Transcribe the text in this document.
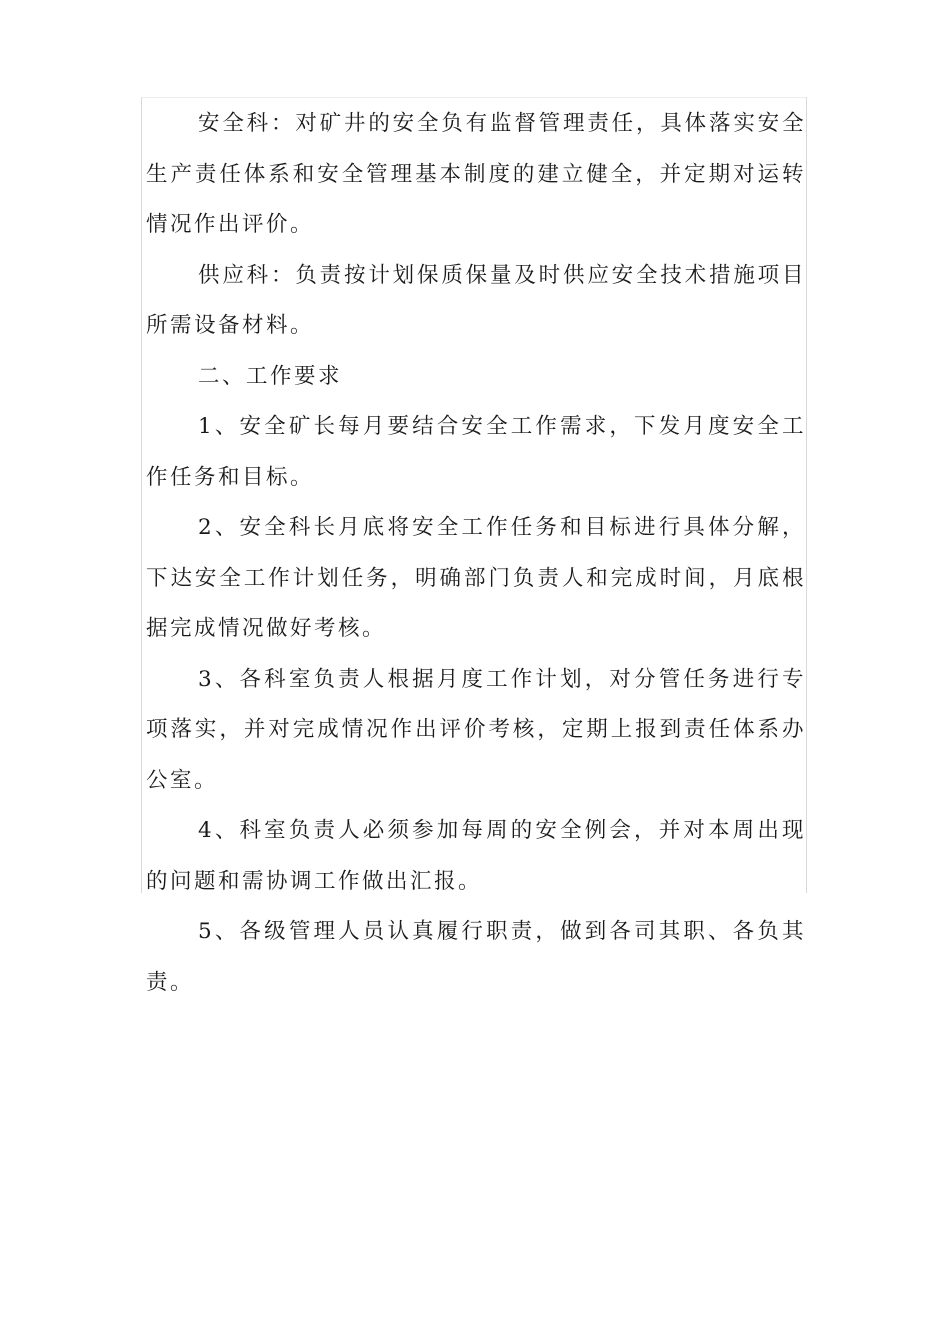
安全科：对矿井的安全负有监督管理责任，具体落实安全生产责任体系和安全管理基本制度的建立健全，并定期对运转情况作出评价。

供应科：负责按计划保质保量及时供应安全技术措施项目所需设备材料。

二、工作要求

1、安全矿长每月要结合安全工作需求，下发月度安全工作任务和目标。

2、安全科长月底将安全工作任务和目标进行具体分解，下达安全工作计划任务，明确部门负责人和完成时间，月底根据完成情况做好考核。

3、各科室负责人根据月度工作计划，对分管任务进行专项落实，并对完成情况作出评价考核，定期上报到责任体系办公室。

4、科室负责人必须参加每周的安全例会，并对本周出现的问题和需协调工作做出汇报。

5、各级管理人员认真履行职责，做到各司其职、各负其责。
